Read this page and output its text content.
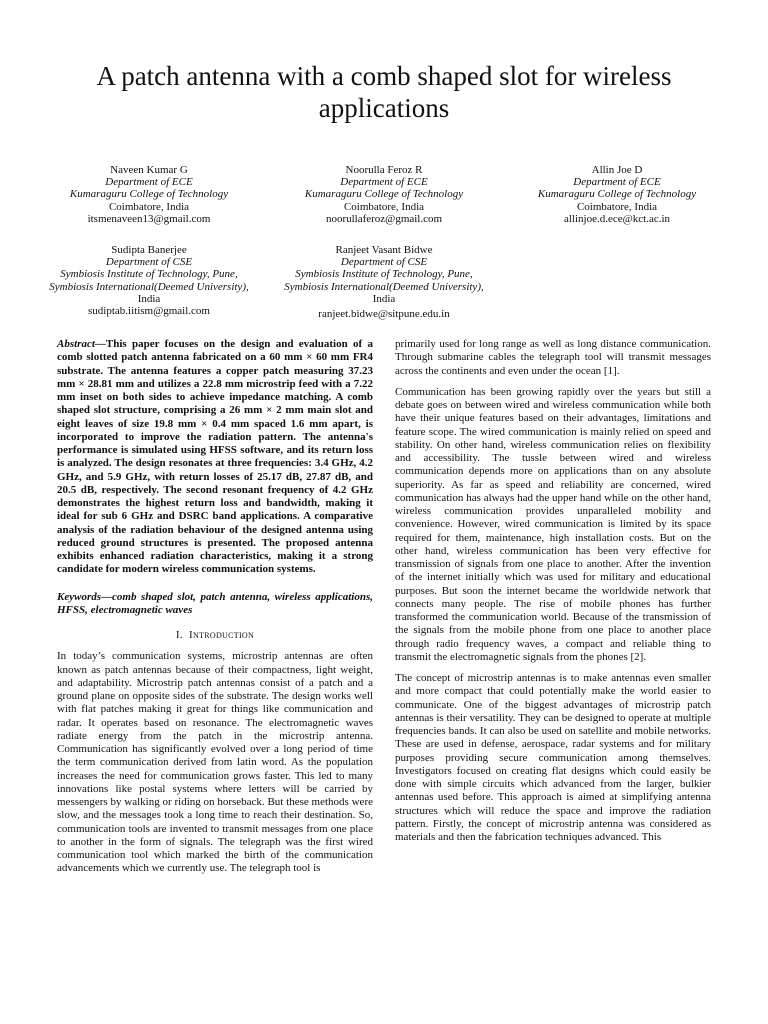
A patch antenna with a comb shaped slot for wireless applications
Naveen Kumar G
Department of ECE
Kumaraguru College of Technology
Coimbatore, India
itsmenaveen13@gmail.com
Noorulla Feroz R
Department of ECE
Kumaraguru College of Technology
Coimbatore, India
noorullaferoz@gmail.com
Allin Joe D
Department of ECE
Kumaraguru College of Technology
Coimbatore, India
allinjoe.d.ece@kct.ac.in
Sudipta Banerjee
Department of CSE
Symbiosis Institute of Technology, Pune, Symbiosis International(Deemed University), India
sudiptab.iitism@gmail.com
Ranjeet Vasant Bidwe
Department of CSE
Symbiosis Institute of Technology, Pune, Symbiosis International(Deemed University), India
ranjeet.bidwe@sitpune.edu.in

Abstract—This paper focuses on the design and evaluation of a comb slotted patch antenna fabricated on a 60 mm × 60 mm FR4 substrate. The antenna features a copper patch measuring 37.23 mm × 28.81 mm and utilizes a 22.8 mm microstrip feed with a 7.22 mm inset on both sides to achieve impedance matching. A comb shaped slot structure, comprising a 26 mm × 2 mm main slot and eight leaves of size 19.8 mm × 0.4 mm spaced 1.6 mm apart, is incorporated to improve the radiation pattern. The antenna's performance is simulated using HFSS software, and its return loss is analyzed. The design resonates at three frequencies: 3.4 GHz, 4.2 GHz, and 5.9 GHz, with return losses of 25.17 dB, 27.87 dB, and 20.5 dB, respectively. The second resonant frequency of 4.2 GHz demonstrates the highest return loss and bandwidth, making it ideal for sub 6 GHz and DSRC band applications. A comparative analysis of the radiation behaviour of the designed antenna using reduced ground structures is presented. The proposed antenna exhibits enhanced radiation characteristics, making it a strong candidate for modern wireless communication systems.

Keywords—comb shaped slot, patch antenna, wireless applications, HFSS, electromagnetic waves

I. Introduction

In today’s communication systems, microstrip antennas are often known as patch antennas because of their compactness, light weight, and adaptability. Microstrip patch antennas consist of a patch and a ground plane on opposite sides of the substrate. The design works well with flat patches making it great for things like communication and radar. It operates based on resonance. The electromagnetic waves radiate energy from the patch in the microstrip antenna. Communication has significantly evolved over a long period of time the term communication derived from latin word. As the population increases the need for communication grows faster. This led to many innovations like postal systems where letters will be carried by messengers by walking or riding on horseback. But these methods were slow, and the messages took a long time to reach their destination. So, communication tools are invented to transmit messages from one place to another in the form of signals. The telegraph was the first wired communication tool which marked the birth of the communication advancements which we currently use. The telegraph tool is

primarily used for long range as well as long distance communication. Through submarine cables the telegraph tool will transmit messages across the continents and even under the ocean [1].

Communication has been growing rapidly over the years but still a debate goes on between wired and wireless communication while both have their unique features based on their advantages, limitations and feature scope. The wired communication is mainly relied on speed and stability. On other hand, wireless communication relies on flexibility and accessibility. The tussle between wired and wireless communication depends more on applications than on any absolute superiority. As far as speed and reliability are concerned, wired communication has always had the upper hand while on the other hand, wireless communication provides unparalleled mobility and convenience. However, wired communication is limited by its space required for them, maintenance, high installation costs. But on the other hand, wireless communication has been very effective for transmission of signals from one place to another. After the invention of the internet initially which was used for military and educational purposes. But soon the internet became the worldwide network that connects many people. The rise of mobile phones has further transformed the communication world. Because of the transmission of the signals from the mobile phone from one place to another place through radio frequency waves, a compact and reliable thing to transmit the electromagnetic signals from the phones [2].

The concept of microstrip antennas is to make antennas even smaller and more compact that could potentially make the world easier to communicate. One of the biggest advantages of microstrip patch antennas is their versatility. They can be designed to operate at multiple frequencies bands. It can also be used on satellite and mobile networks. These are used in defense, aerospace, radar systems and for military purposes providing secure communication among themselves. Investigators focused on creating flat designs which could easily be done with simple circuits which advanced from the larger, bulkier antennas used before. This approach is aimed at simplifying antenna structures which will reduce the space and improve the radiation pattern. Firstly, the concept of microstrip antenna was considered as materials and then the fabrication techniques advanced. This
